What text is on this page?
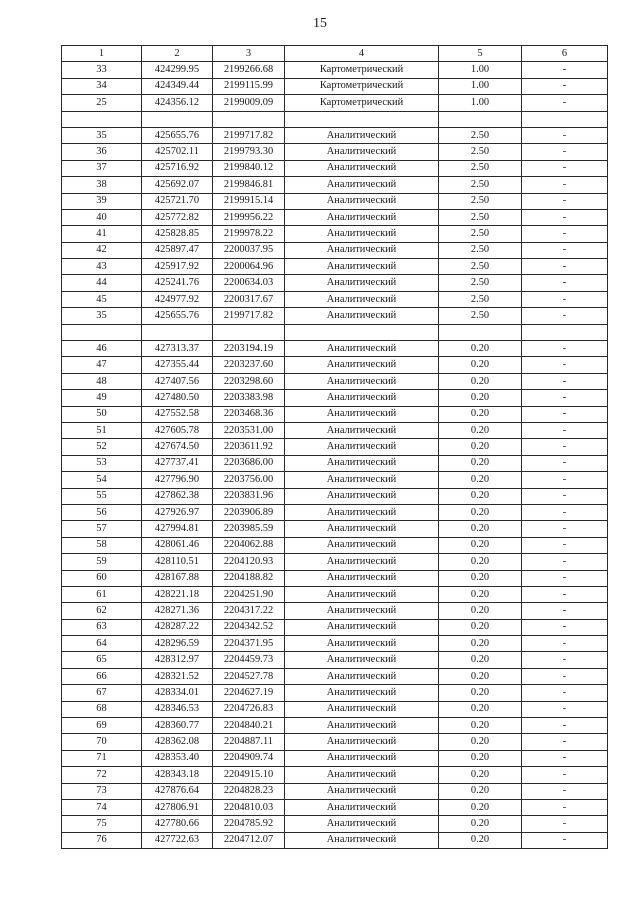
15
1	2	3	4	5	6
33	424299.95	2199266.68	Картометрический	1.00	-
34	424349.44	2199115.99	Картометрический	1.00	-
25	424356.12	2199009.09	Картометрический	1.00	-

35	425655.76	2199717.82	Аналитический	2.50	-
36	425702.11	2199793.30	Аналитический	2.50	-
37	425716.92	2199840.12	Аналитический	2.50	-
38	425692.07	2199846.81	Аналитический	2.50	-
39	425721.70	2199915.14	Аналитический	2.50	-
40	425772.82	2199956.22	Аналитический	2.50	-
41	425828.85	2199978.22	Аналитический	2.50	-
42	425897.47	2200037.95	Аналитический	2.50	-
43	425917.92	2200064.96	Аналитический	2.50	-
44	425241.76	2200634.03	Аналитический	2.50	-
45	424977.92	2200317.67	Аналитический	2.50	-
35	425655.76	2199717.82	Аналитический	2.50	-

46	427313.37	2203194.19	Аналитический	0.20	-
47	427355.44	2203237.60	Аналитический	0.20	-
48	427407.56	2203298.60	Аналитический	0.20	-
49	427480.50	2203383.98	Аналитический	0.20	-
50	427552.58	2203468.36	Аналитический	0.20	-
51	427605.78	2203531.00	Аналитический	0.20	-
52	427674.50	2203611.92	Аналитический	0.20	-
53	427737.41	2203686.00	Аналитический	0.20	-
54	427796.90	2203756.00	Аналитический	0.20	-
55	427862.38	2203831.96	Аналитический	0.20	-
56	427926.97	2203906.89	Аналитический	0.20	-
57	427994.81	2203985.59	Аналитический	0.20	-
58	428061.46	2204062.88	Аналитический	0.20	-
59	428110.51	2204120.93	Аналитический	0.20	-
60	428167.88	2204188.82	Аналитический	0.20	-
61	428221.18	2204251.90	Аналитический	0.20	-
62	428271.36	2204317.22	Аналитический	0.20	-
63	428287.22	2204342.52	Аналитический	0.20	-
64	428296.59	2204371.95	Аналитический	0.20	-
65	428312.97	2204459.73	Аналитический	0.20	-
66	428321.52	2204527.78	Аналитический	0.20	-
67	428334.01	2204627.19	Аналитический	0.20	-
68	428346.53	2204726.83	Аналитический	0.20	-
69	428360.77	2204840.21	Аналитический	0.20	-
70	428362.08	2204887.11	Аналитический	0.20	-
71	428353.40	2204909.74	Аналитический	0.20	-
72	428343.18	2204915.10	Аналитический	0.20	-
73	427876.64	2204828.23	Аналитический	0.20	-
74	427806.91	2204810.03	Аналитический	0.20	-
75	427780.66	2204785.92	Аналитический	0.20	-
76	427722.63	2204712.07	Аналитический	0.20	-
